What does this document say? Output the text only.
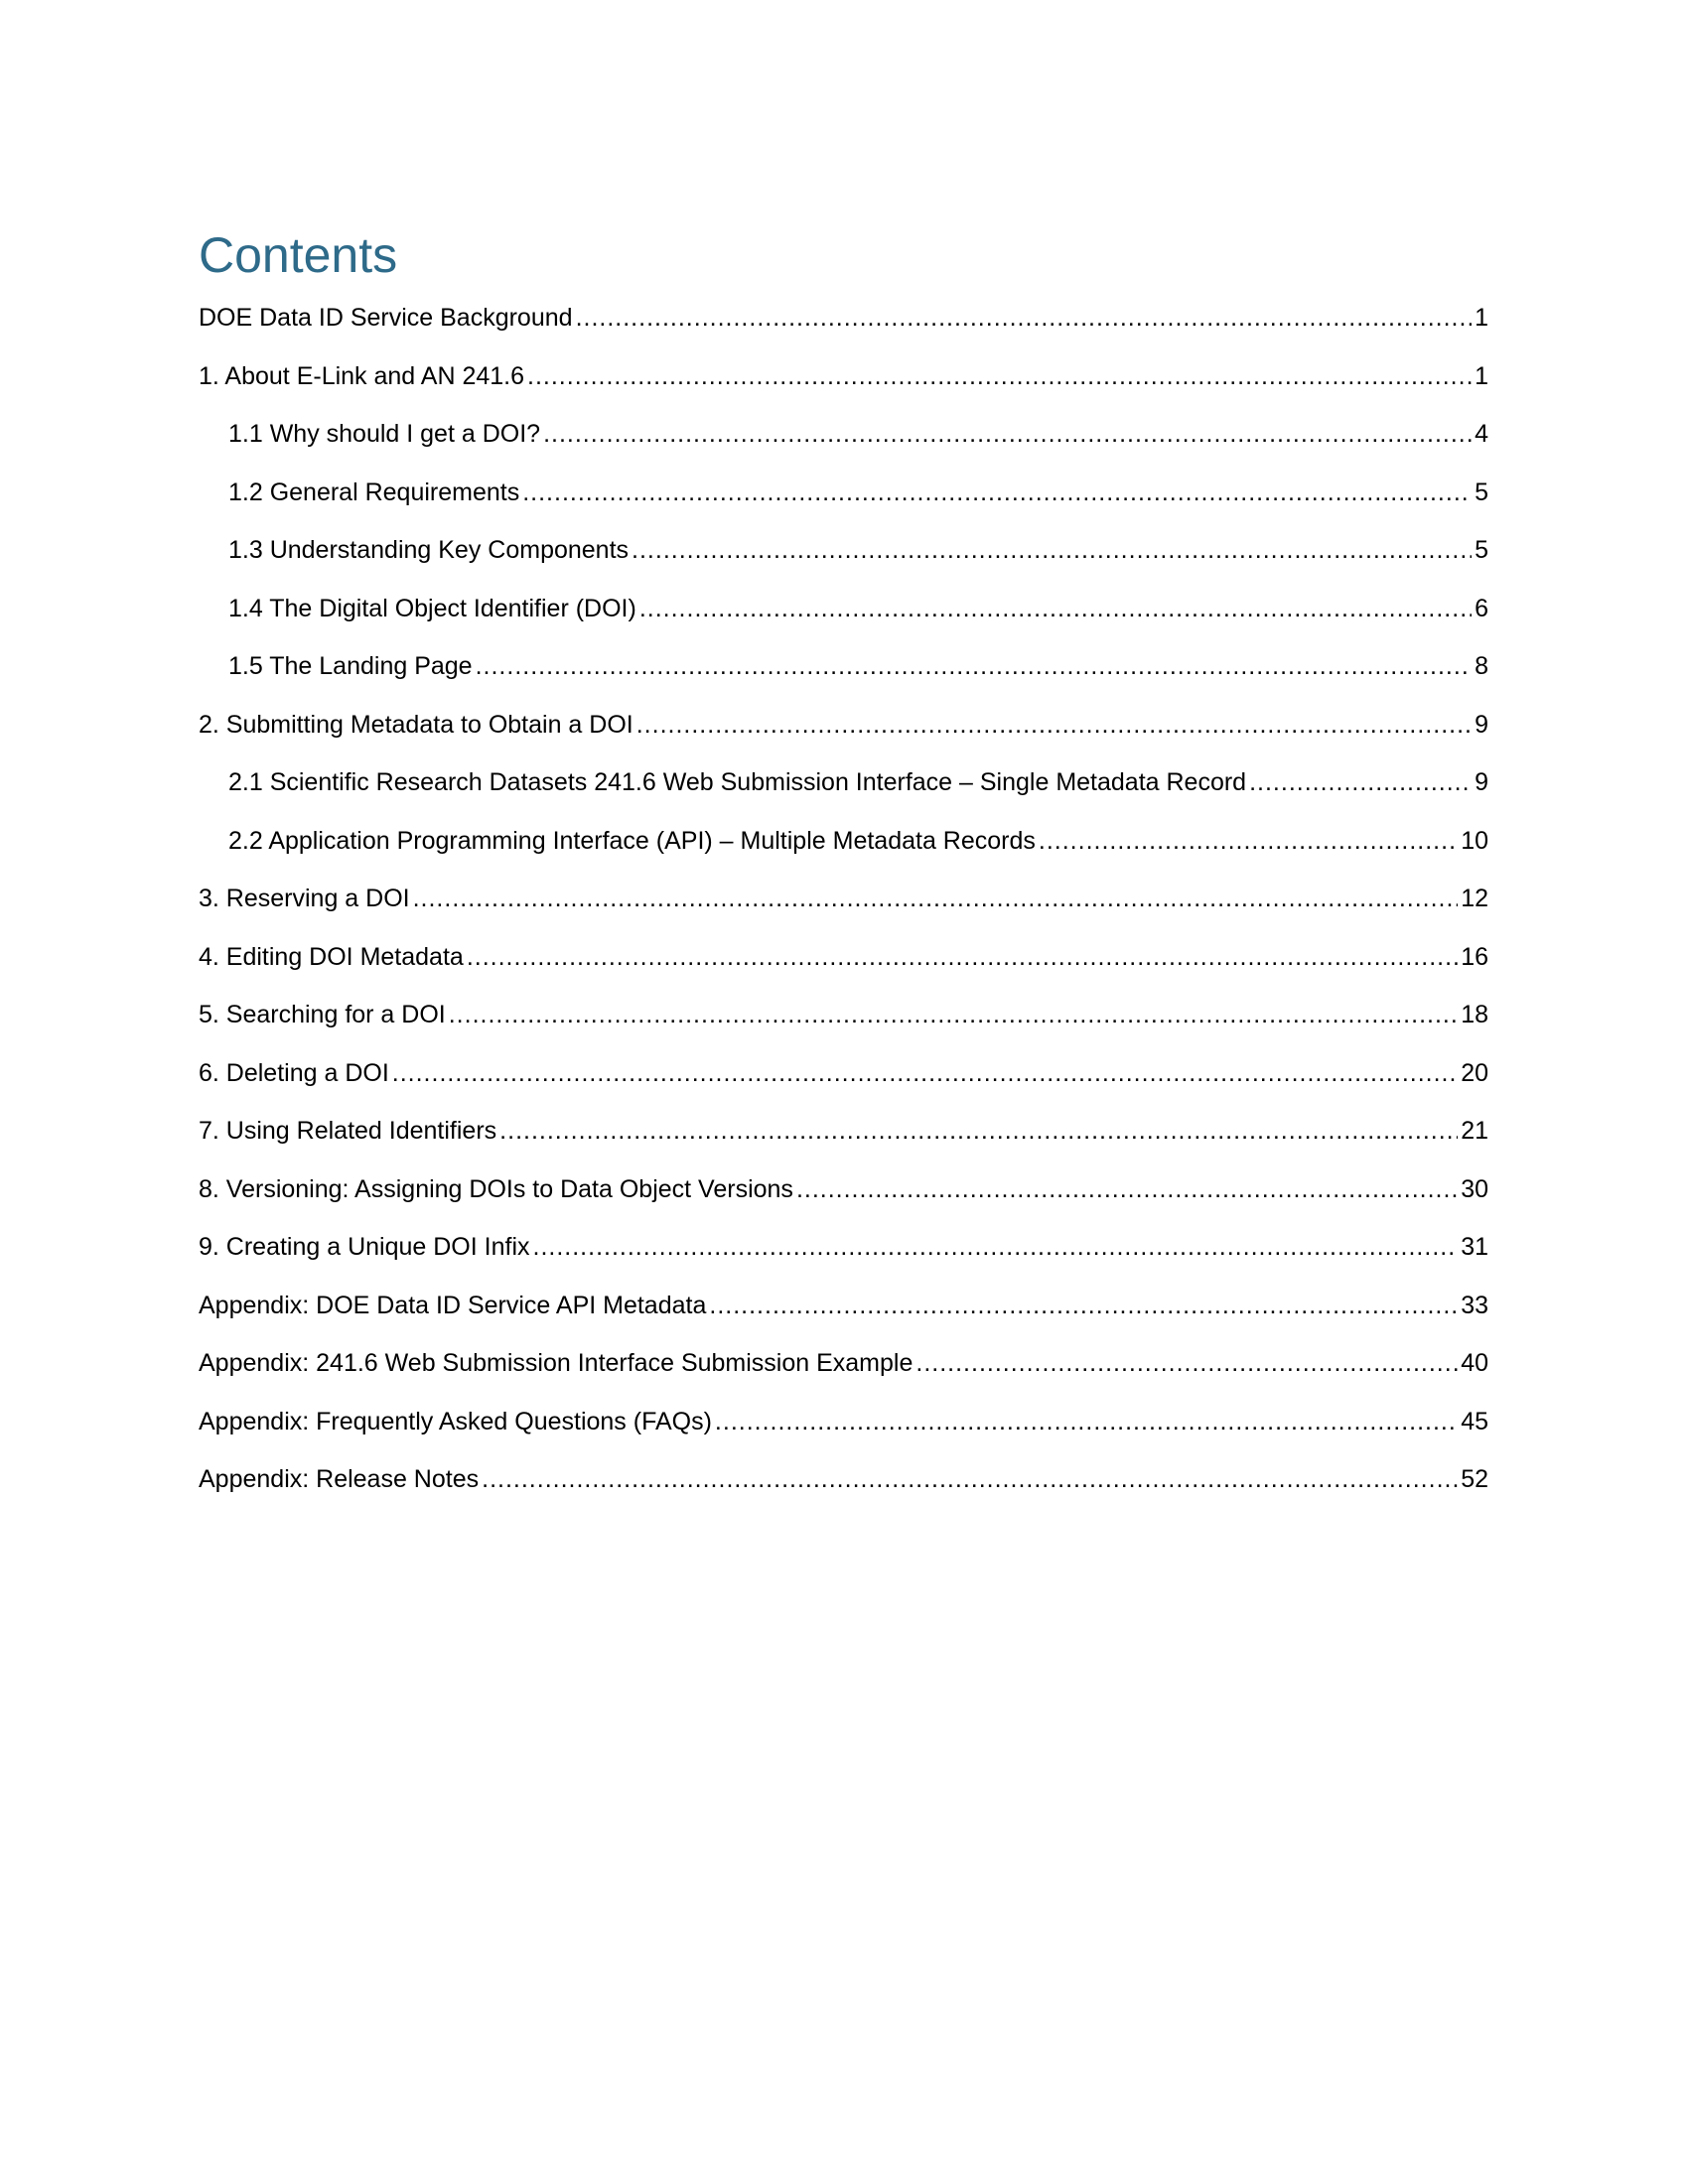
Contents
DOE Data ID Service Background .....	1
1. About E-Link and AN 241.6 .....	1
1.1 Why should I get a DOI? .....	4
1.2 General Requirements .....	5
1.3 Understanding Key Components .....	5
1.4 The Digital Object Identifier (DOI) .....	6
1.5 The Landing Page .....	8
2. Submitting Metadata to Obtain a DOI .....	9
2.1 Scientific Research Datasets 241.6 Web Submission Interface – Single Metadata Record .....	9
2.2 Application Programming Interface (API) – Multiple Metadata Records .....	10
3. Reserving a DOI .....	12
4. Editing DOI Metadata .....	16
5. Searching for a DOI .....	18
6. Deleting a DOI .....	20
7. Using Related Identifiers .....	21
8. Versioning: Assigning DOIs to Data Object Versions .....	30
9. Creating a Unique DOI Infix .....	31
Appendix: DOE Data ID Service API Metadata .....	33
Appendix: 241.6 Web Submission Interface Submission Example .....	40
Appendix: Frequently Asked Questions (FAQs) .....	45
Appendix: Release Notes .....	52
